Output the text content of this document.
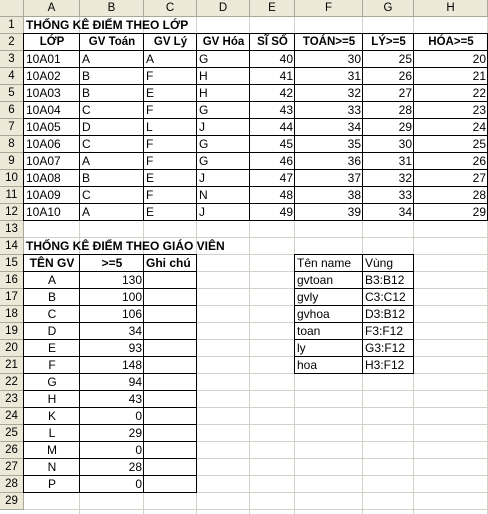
A	B	C	D	E	F	G	H
1
2
3
4
5
6
7
8
9
10
11
12
13
14
15
16
17
18
19
20
21
22
23
24
25
26
27
28
29
THỐNG KÊ ĐIỂM THEO LỚP
LỚP	GV Toán	GV Lý	GV Hóa	SĨ SỐ	TOÁN>=5	LÝ>=5	HÓA>=5
10A01	A	A	G	40	30	25	20
10A02	B	F	H	41	31	26	21
10A03	B	E	H	42	32	27	22
10A04	C	F	G	43	33	28	23
10A05	D	L	J	44	34	29	24
10A06	C	F	G	45	35	30	25
10A07	A	F	G	46	36	31	26
10A08	B	E	J	47	37	32	27
10A09	C	F	N	48	38	33	28
10A10	A	E	J	49	39	34	29
THỐNG KÊ ĐIỂM THEO GIÁO VIÊN
TÊN GV	>=5	Ghi chú
A	130
B	100
C	106
D	34
E	93
F	148
G	94
H	43
K	0
L	29
M	0
N	28
P	0
Tên name	Vùng
gvtoan	B3:B12
gvly	C3:C12
gvhoa	D3:B12
toan	F3:F12
ly	G3:F12
hoa	H3:F12
